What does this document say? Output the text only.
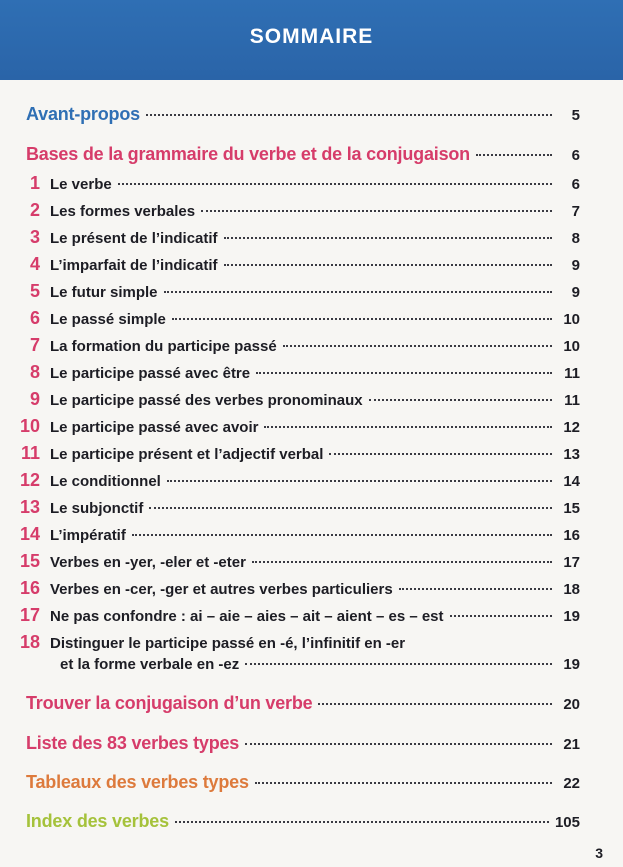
SOMMAIRE
Avant-propos	5
Bases de la grammaire du verbe et de la conjugaison	6
1 Le verbe	6
2 Les formes verbales	7
3 Le présent de l’indicatif	8
4 L’imparfait de l’indicatif	9
5 Le futur simple	9
6 Le passé simple	10
7 La formation du participe passé	10
8 Le participe passé avec être	11
9 Le participe passé des verbes pronominaux	11
10 Le participe passé avec avoir	12
11 Le participe présent et l’adjectif verbal	13
12 Le conditionnel	14
13 Le subjonctif	15
14 L’impératif	16
15 Verbes en -yer, -eler et -eter	17
16 Verbes en -cer, -ger et autres verbes particuliers	18
17 Ne pas confondre : ai – aie – aies – ait – aient – es – est	19
18 Distinguer le participe passé en -é, l’infinitif en -er
et la forme verbale en -ez	19
Trouver la conjugaison d’un verbe	20
Liste des 83 verbes types	21
Tableaux des verbes types	22
Index des verbes	105
3
